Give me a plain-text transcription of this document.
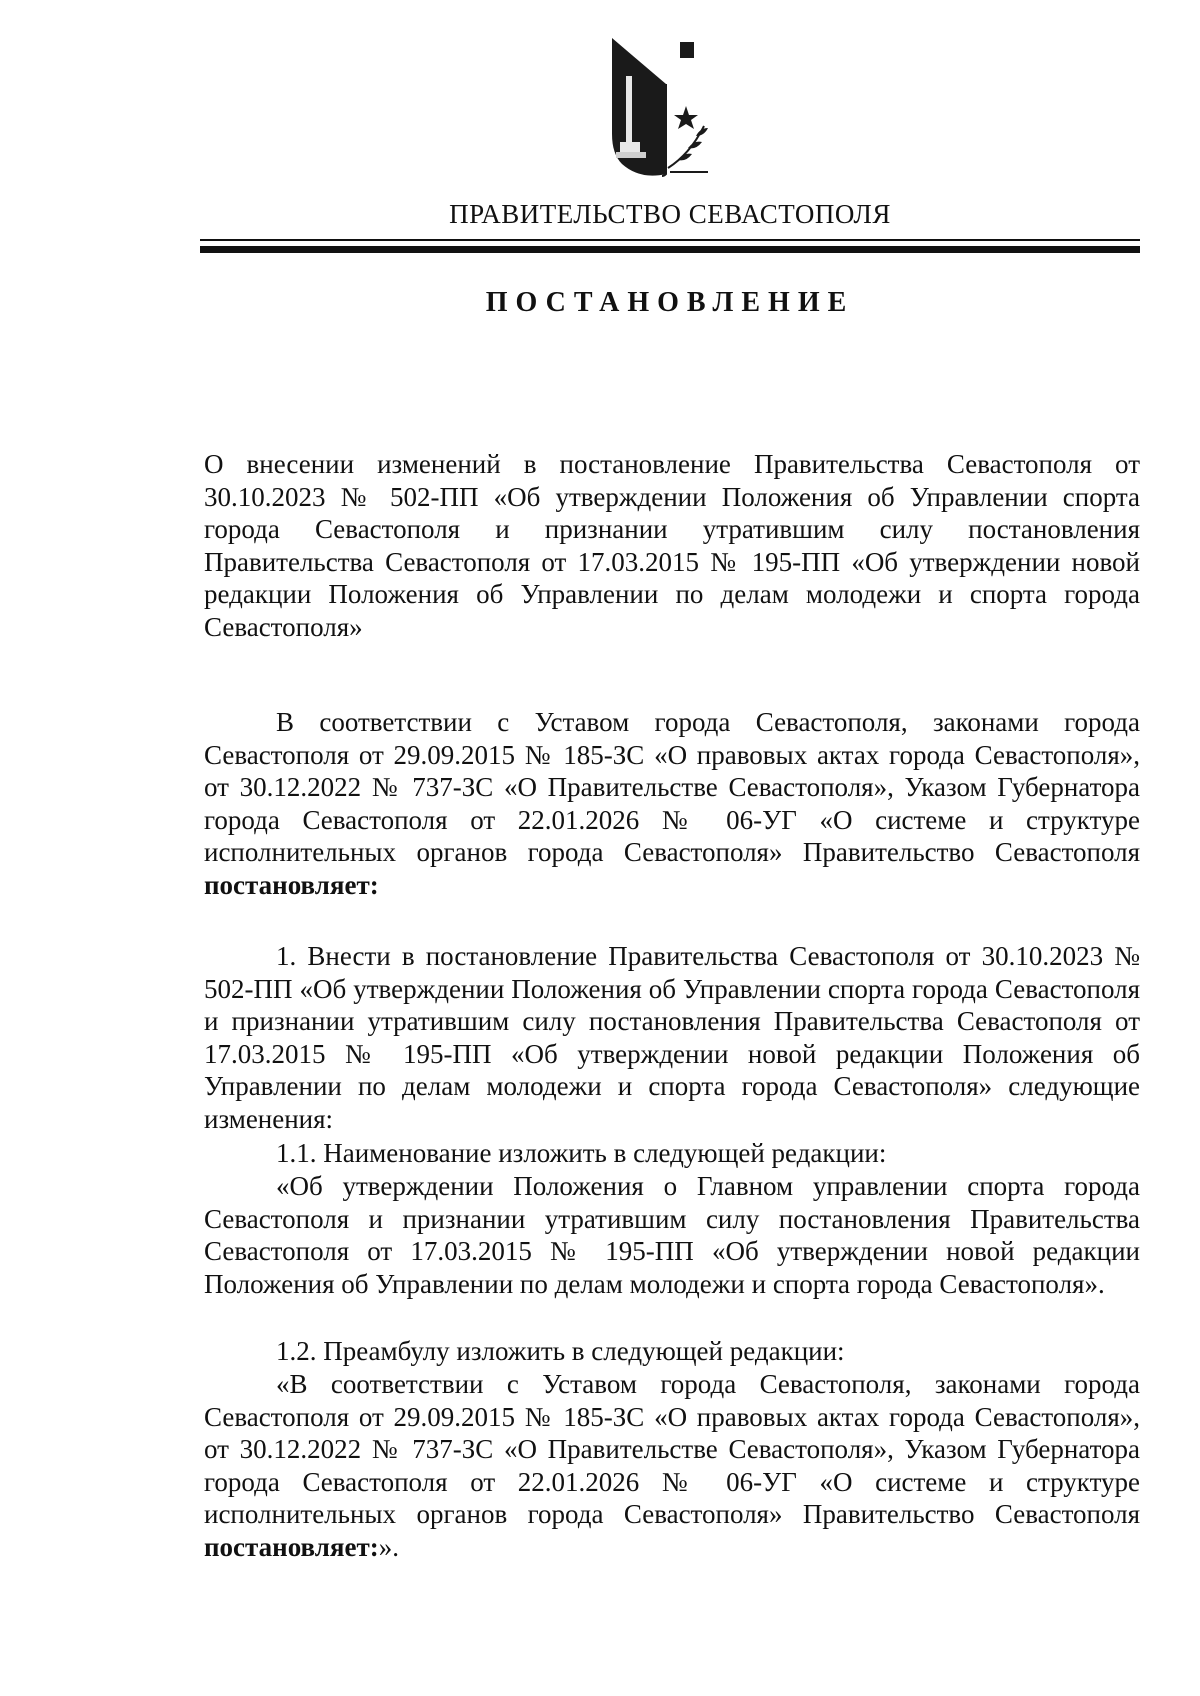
ПРАВИТЕЛЬСТВО СЕВАСТОПОЛЯ
ПОСТАНОВЛЕНИЕ

О внесении изменений в постановление Правительства Севастополя от 30.10.2023 № 502-ПП «Об утверждении Положения об Управлении спорта города Севастополя и признании утратившим силу постановления Правительства Севастополя от 17.03.2015 № 195-ПП «Об утверждении новой редакции Положения об Управлении по делам молодежи и спорта города Севастополя»

В соответствии с Уставом города Севастополя, законами города Севастополя от 29.09.2015 № 185-ЗС «О правовых актах города Севастополя», от 30.12.2022 № 737-ЗС «О Правительстве Севастополя», Указом Губернатора города Севастополя от 22.01.2026 № 06-УГ «О системе и структуре исполнительных органов города Севастополя» Правительство Севастополя постановляет:

1. Внести в постановление Правительства Севастополя от 30.10.2023 № 502-ПП «Об утверждении Положения об Управлении спорта города Севастополя и признании утратившим силу постановления Правительства Севастополя от 17.03.2015 № 195-ПП «Об утверждении новой редакции Положения об Управлении по делам молодежи и спорта города Севастополя» следующие изменения:

1.1. Наименование изложить в следующей редакции:

«Об утверждении Положения о Главном управлении спорта города Севастополя и признании утратившим силу постановления Правительства Севастополя от 17.03.2015 № 195-ПП «Об утверждении новой редакции Положения об Управлении по делам молодежи и спорта города Севастополя».

1.2. Преамбулу изложить в следующей редакции:

«В соответствии с Уставом города Севастополя, законами города Севастополя от 29.09.2015 № 185-ЗС «О правовых актах города Севастополя», от 30.12.2022 № 737-ЗС «О Правительстве Севастополя», Указом Губернатора города Севастополя от 22.01.2026 № 06-УГ «О системе и структуре исполнительных органов города Севастополя» Правительство Севастополя постановляет:».
